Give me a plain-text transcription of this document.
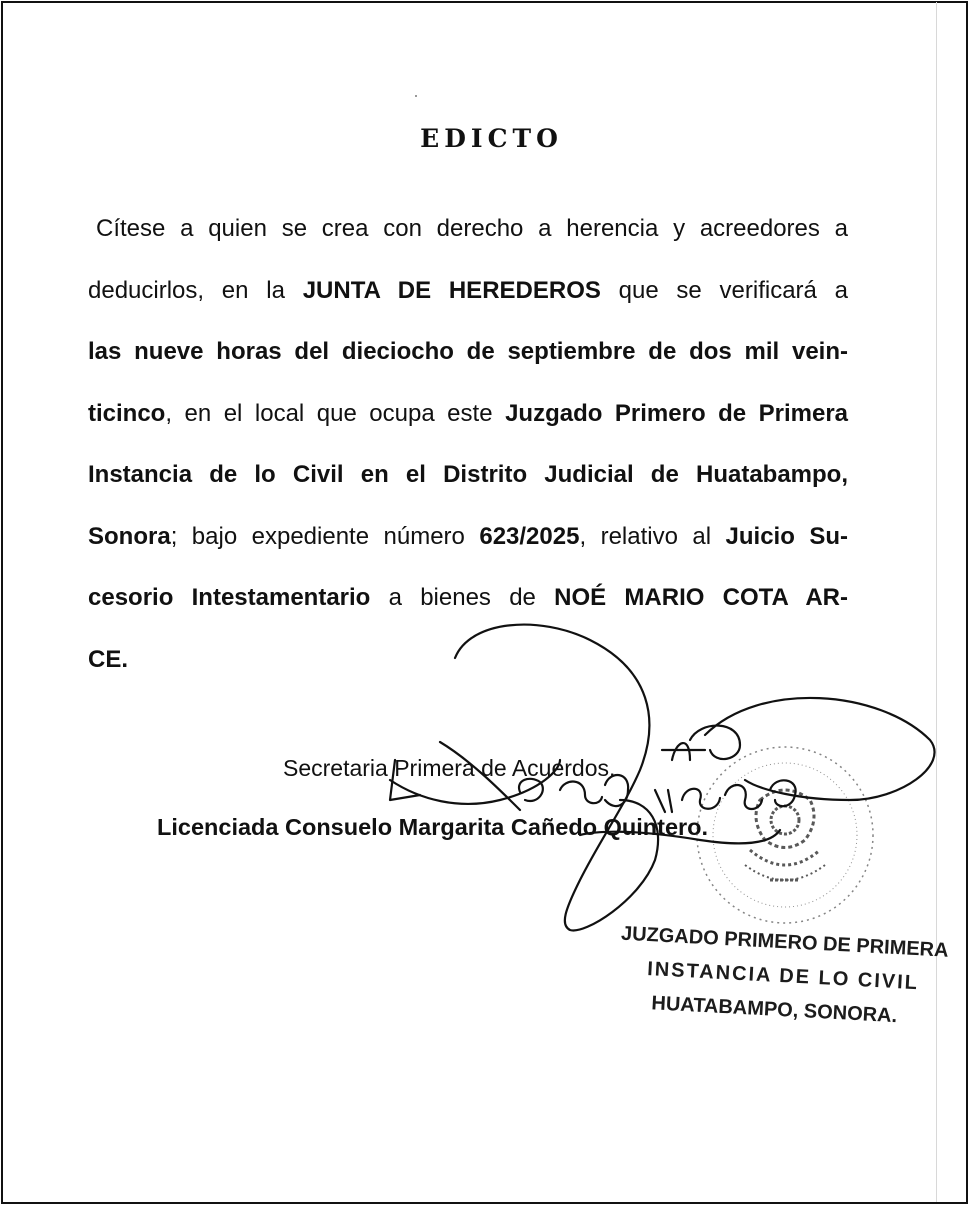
EDICTO
Cítese a quien se crea con derecho a herencia y acreedores a
deducirlos, en la JUNTA DE HEREDEROS que se verificará a
las nueve horas del dieciocho de septiembre de dos mil vein-
ticinco, en el local que ocupa este Juzgado Primero de Primera
Instancia de lo Civil en el Distrito Judicial de Huatabampo,
Sonora; bajo expediente número 623/2025, relativo al Juicio Su-
cesorio Intestamentario a bienes de NOÉ MARIO COTA AR-
CE.
Secretaria Primera de Acuerdos.
Licenciada Consuelo Margarita Cañedo Quintero.
JUZGADO PRIMERO DE PRIMERA
INSTANCIA DE LO CIVIL
HUATABAMPO, SONORA.
